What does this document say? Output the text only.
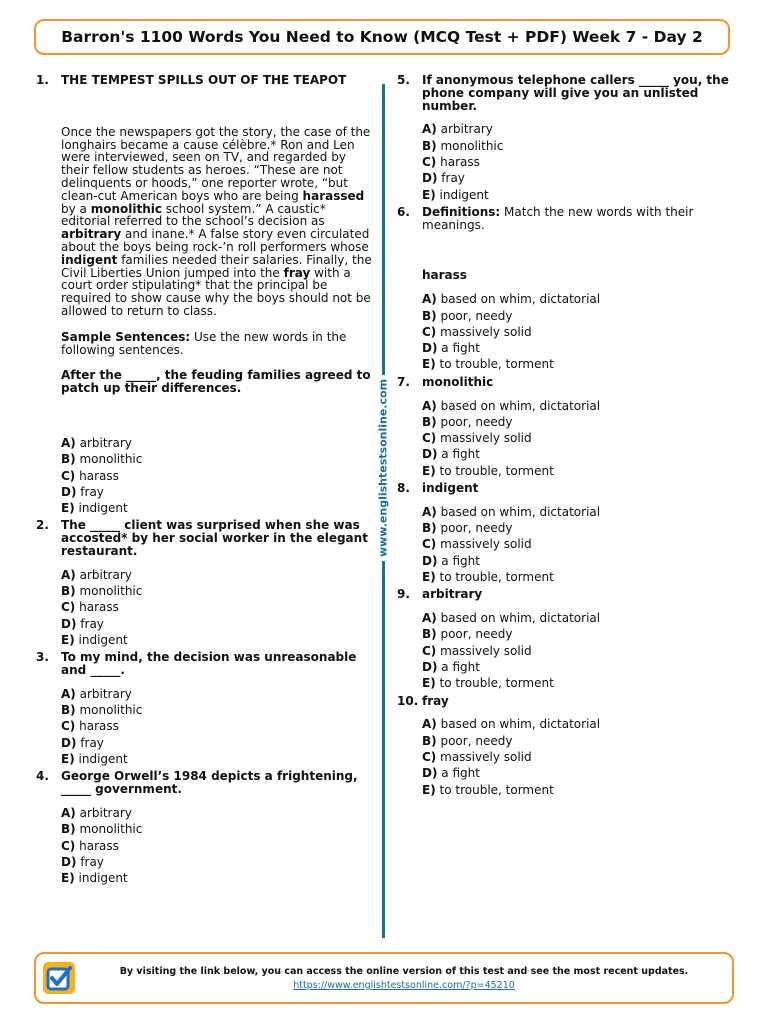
Barron's 1100 Words You Need to Know (MCQ Test + PDF) Week 7 - Day 2
1.	THE TEMPEST SPILLS OUT OF THE TEAPOT

Once the newspapers got the story, the case of the longhairs became a cause célèbre.* Ron and Len were interviewed, seen on TV, and regarded by their fellow students as heroes. “These are not delinquents or hoods,” one reporter wrote, “but clean-cut American boys who are being harassed by a monolithic school system.” A caustic* editorial referred to the school’s decision as arbitrary and inane.* A false story even circulated about the boys being rock-’n roll performers whose indigent families needed their salaries. Finally, the Civil Liberties Union jumped into the fray with a court order stipulating* that the principal be required to show cause why the boys should not be allowed to return to class.

Sample Sentences: Use the new words in the following sentences.

After the _____, the feuding families agreed to patch up their differences.

A) arbitrary
B) monolithic
C) harass
D) fray
E) indigent
2.	The _____ client was surprised when she was accosted* by her social worker in the elegant restaurant.
A) arbitrary
B) monolithic
C) harass
D) fray
E) indigent
3.	To my mind, the decision was unreasonable and _____.
A) arbitrary
B) monolithic
C) harass
D) fray
E) indigent
4.	George Orwell’s 1984 depicts a frightening, _____ government.
A) arbitrary
B) monolithic
C) harass
D) fray
E) indigent
www.englishtestsonline.com
5.	If anonymous telephone callers _____ you, the phone company will give you an unlisted number.
A) arbitrary
B) monolithic
C) harass
D) fray
E) indigent
6.	Definitions: Match the new words with their meanings.
harass
A) based on whim, dictatorial
B) poor, needy
C) massively solid
D) a fight
E) to trouble, torment
7.	monolithic
A) based on whim, dictatorial
B) poor, needy
C) massively solid
D) a fight
E) to trouble, torment
8.	indigent
A) based on whim, dictatorial
B) poor, needy
C) massively solid
D) a fight
E) to trouble, torment
9.	arbitrary
A) based on whim, dictatorial
B) poor, needy
C) massively solid
D) a fight
E) to trouble, torment
10. fray
A) based on whim, dictatorial
B) poor, needy
C) massively solid
D) a fight
E) to trouble, torment
By visiting the link below, you can access the online version of this test and see the most recent updates.
https://www.englishtestsonline.com/?p=45210
